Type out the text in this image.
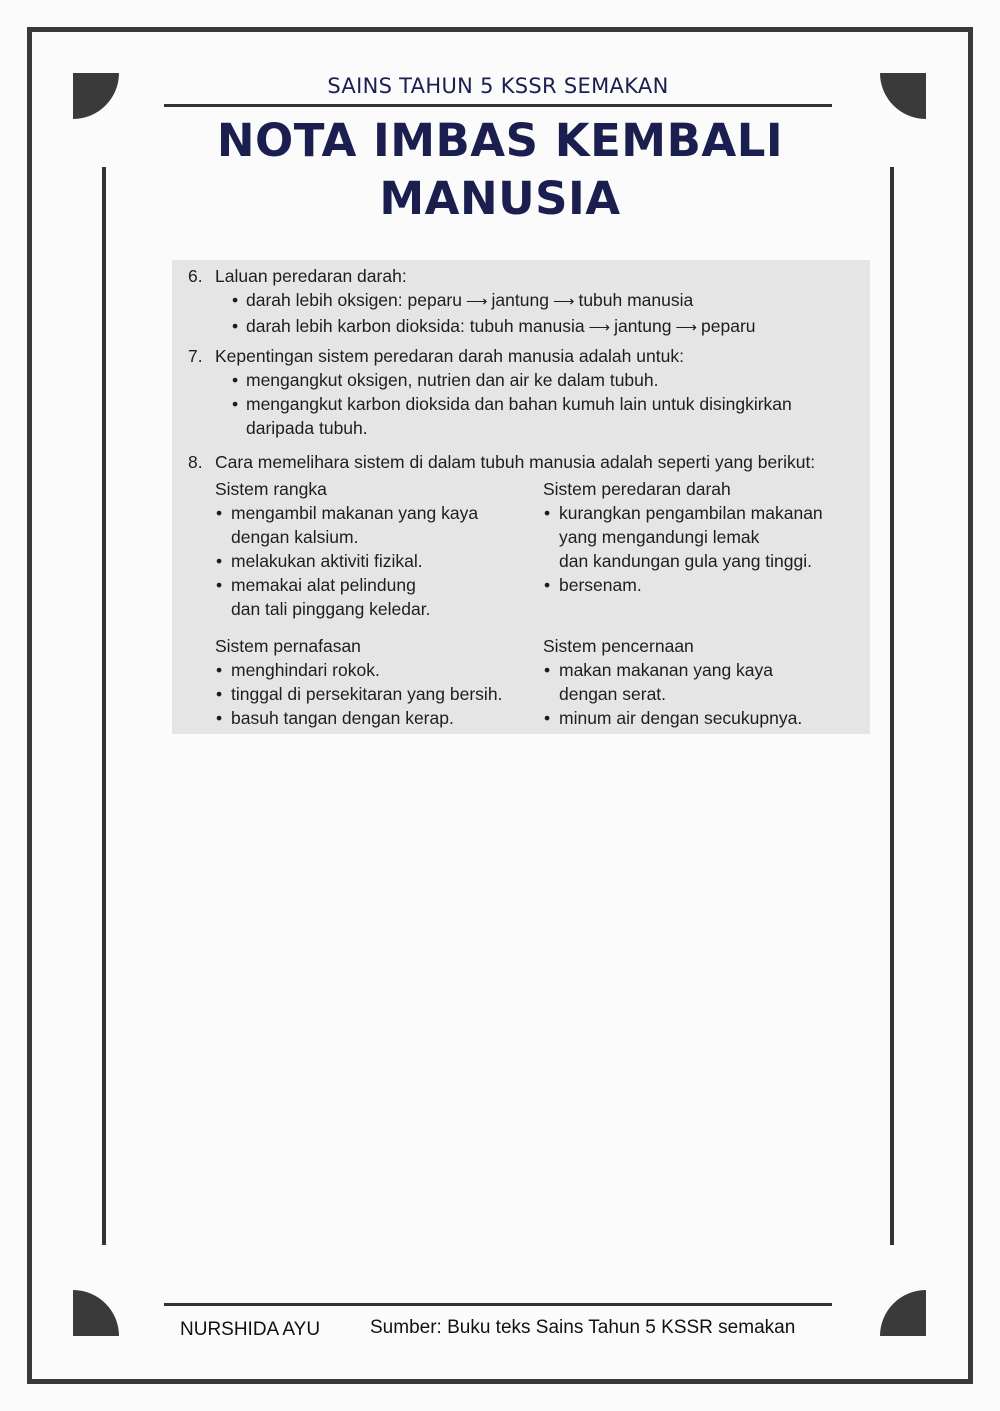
SAINS TAHUN 5 KSSR SEMAKAN
NOTA IMBAS KEMBALI
MANUSIA
6. Laluan peredaran darah:
• darah lebih oksigen: peparu ⟶ jantung ⟶ tubuh manusia
• darah lebih karbon dioksida: tubuh manusia ⟶ jantung ⟶ peparu
7. Kepentingan sistem peredaran darah manusia adalah untuk:
• mengangkut oksigen, nutrien dan air ke dalam tubuh.
• mengangkut karbon dioksida dan bahan kumuh lain untuk disingkirkan
daripada tubuh.
8. Cara memelihara sistem di dalam tubuh manusia adalah seperti yang berikut:
Sistem rangka
• mengambil makanan yang kaya
dengan kalsium.
• melakukan aktiviti fizikal.
• memakai alat pelindung
dan tali pinggang keledar.
Sistem peredaran darah
• kurangkan pengambilan makanan
yang mengandungi lemak
dan kandungan gula yang tinggi.
• bersenam.
Sistem pernafasan
• menghindari rokok.
• tinggal di persekitaran yang bersih.
• basuh tangan dengan kerap.
Sistem pencernaan
• makan makanan yang kaya
dengan serat.
• minum air dengan secukupnya.
NURSHIDA AYU	Sumber: Buku teks Sains Tahun 5 KSSR semakan
